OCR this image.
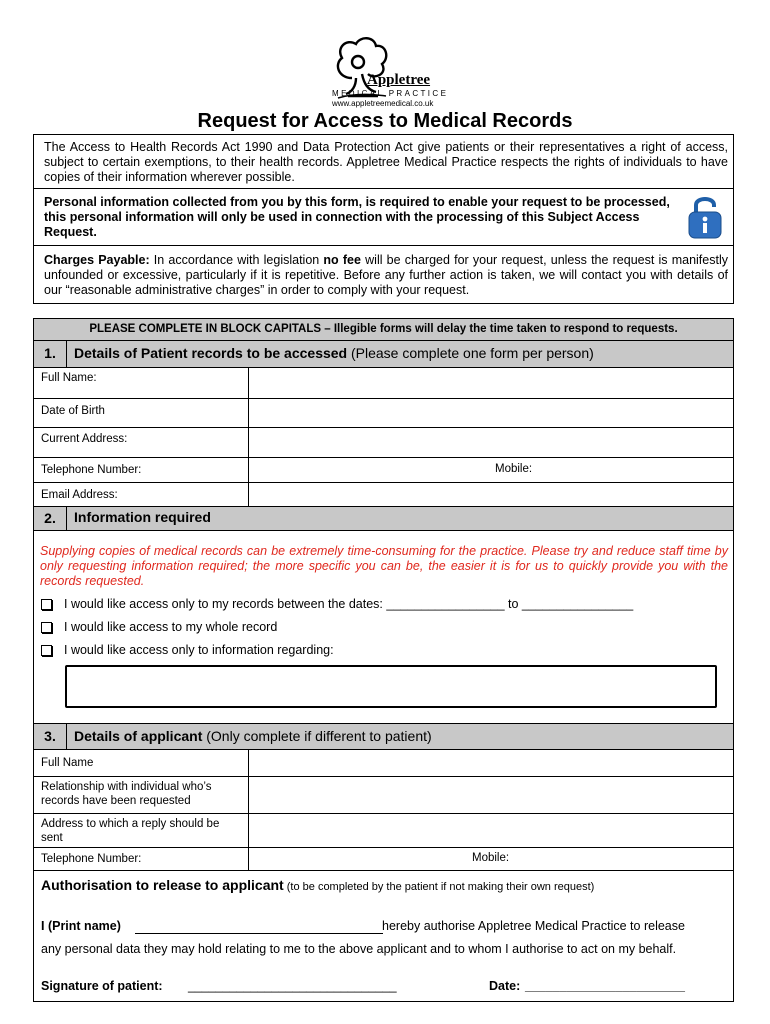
Appletree
MEDICAL PRACTICE
www.appletreemedical.co.uk
Request for Access to Medical Records
The Access to Health Records Act 1990 and Data Protection Act give patients or their representatives a right of access, subject to certain exemptions, to their health records. Appletree Medical Practice respects the rights of individuals to have copies of their information wherever possible.
Personal information collected from you by this form, is required to enable your request to be processed, this personal information will only be used in connection with the processing of this Subject Access Request.
Charges Payable: In accordance with legislation no fee will be charged for your request, unless the request is manifestly unfounded or excessive, particularly if it is repetitive. Before any further action is taken, we will contact you with details of our “reasonable administrative charges” in order to comply with your request.
PLEASE COMPLETE IN BLOCK CAPITALS – Illegible forms will delay the time taken to respond to requests.
1.	Details of Patient records to be accessed (Please complete one form per person)
Full Name:
Date of Birth
Current Address:
Telephone Number:	Mobile:
Email Address:
2.	Information required
Supplying copies of medical records can be extremely time-consuming for the practice. Please try and reduce staff time by only requesting information required; the more specific you can be, the easier it is for us to quickly provide you with the records requested.
I would like access only to my records between the dates: _________________ to ________________
I would like access to my whole record
I would like access only to information regarding:
3.	Details of applicant (Only complete if different to patient)
Full Name
Relationship with individual who’s records have been requested
Address to which a reply should be sent
Telephone Number:	Mobile:
Authorisation to release to applicant (to be completed by the patient if not making their own request)
I (Print name)	hereby authorise Appletree Medical Practice to release
any personal data they may hold relating to me to the above applicant and to whom I authorise to act on my behalf.
Signature of patient: ______________________________	Date: _______________________
